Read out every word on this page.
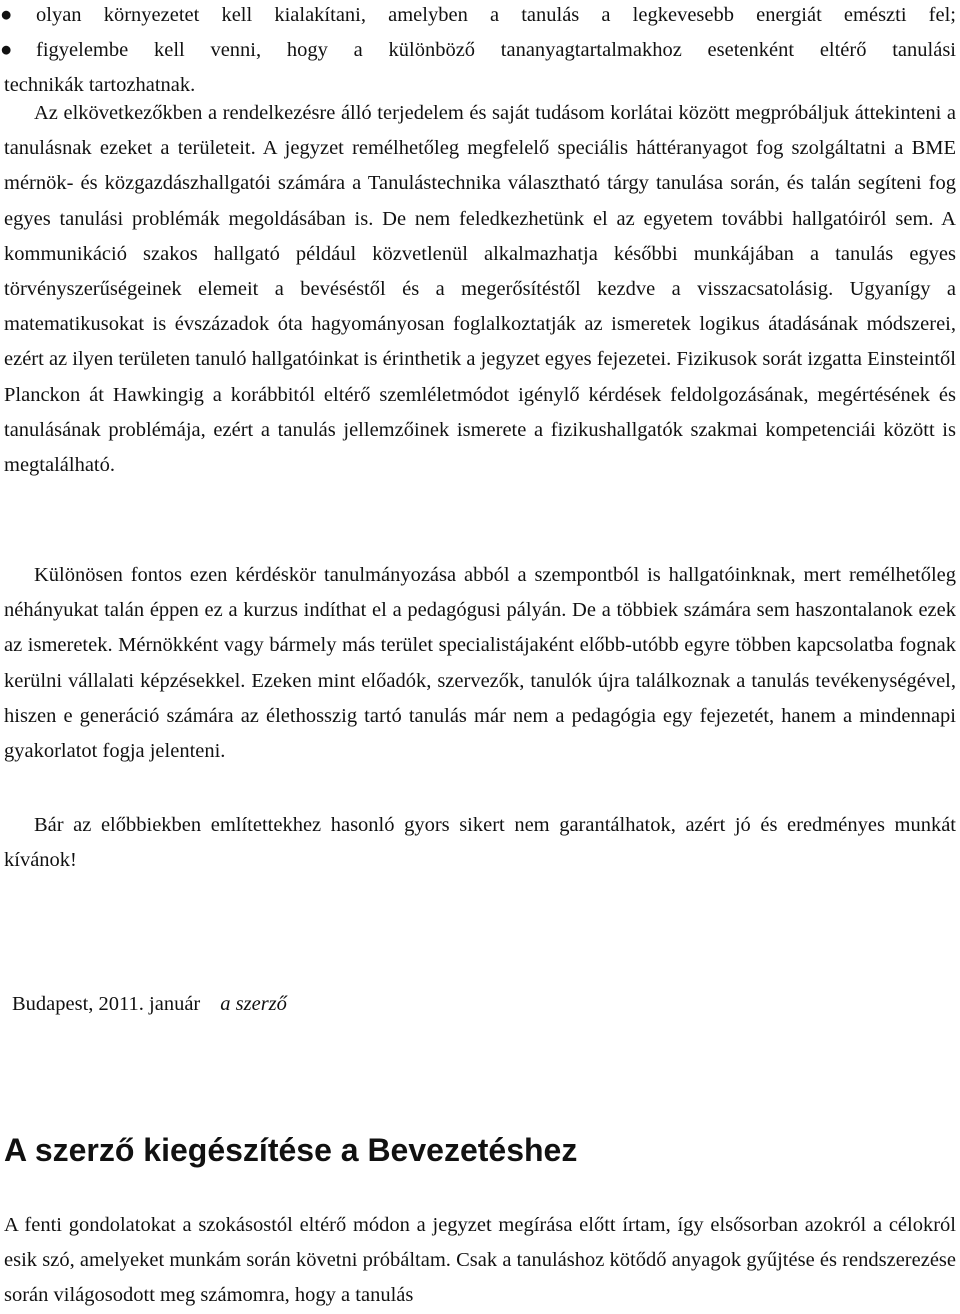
● olyan környezetet kell kialakítani, amelyben a tanulás a legkevesebb energiát emészti fel;
● figyelembe kell venni, hogy a különböző tananyagtartalmakhoz esetenként eltérő tanulási
technikák tartozhatnak.

Az elkövetkezőkben a rendelkezésre álló terjedelem és saját tudásom korlátai között megpróbáljuk áttekinteni a tanulásnak ezeket a területeit. A jegyzet remélhetőleg megfelelő speciális háttéranyagot fog szolgáltatni a BME mérnök- és közgazdászhallgatói számára a Tanulástechnika választható tárgy tanulása során, és talán segíteni fog egyes tanulási problémák megoldásában is. De nem feledkezhetünk el az egyetem további hallgatóiról sem. A kommunikáció szakos hallgató például közvetlenül alkalmazhatja későbbi munkájában a tanulás egyes törvényszerűségeinek elemeit a bevéséstől és a megerősítéstől kezdve a visszacsatolásig. Ugyanígy a matematikusokat is évszázadok óta hagyományosan foglalkoztatják az ismeretek logikus átadásának módszerei, ezért az ilyen területen tanuló hallgatóinkat is érinthetik a jegyzet egyes fejezetei. Fizikusok sorát izgatta Einsteintől Planckon át Hawkingig a korábbitól eltérő szemléletmódot igénylő kérdések feldolgozásának, megértésének és tanulásának problémája, ezért a tanulás jellemzőinek ismerete a fizikushallgatók szakmai kompetenciái között is megtalálható.

Különösen fontos ezen kérdéskör tanulmányozása abból a szempontból is hallgatóinknak, mert remélhetőleg néhányukat talán éppen ez a kurzus indíthat el a pedagógusi pályán. De a többiek számára sem haszontalanok ezek az ismeretek. Mérnökként vagy bármely más terület specialistájaként előbb-utóbb egyre többen kapcsolatba fognak kerülni vállalati képzésekkel. Ezeken mint előadók, szervezők, tanulók újra találkoznak a tanulás tevékenységével, hiszen e generáció számára az élethosszig tartó tanulás már nem a pedagógia egy fejezetét, hanem a mindennapi gyakorlatot fogja jelenteni.

Bár az előbbiekben említettekhez hasonló gyors sikert nem garantálhatok, azért jó és eredményes munkát kívánok!

Budapest, 2011. január a szerző
A szerző kiegészítése a Bevezetéshez

A fenti gondolatokat a szokásostól eltérő módon a jegyzet megírása előtt írtam, így elsősorban azokról a célokról esik szó, amelyeket munkám során követni próbáltam. Csak a tanuláshoz kötődő anyagok gyűjtése és rendszerezése során világosodott meg számomra, hogy a tanulás
